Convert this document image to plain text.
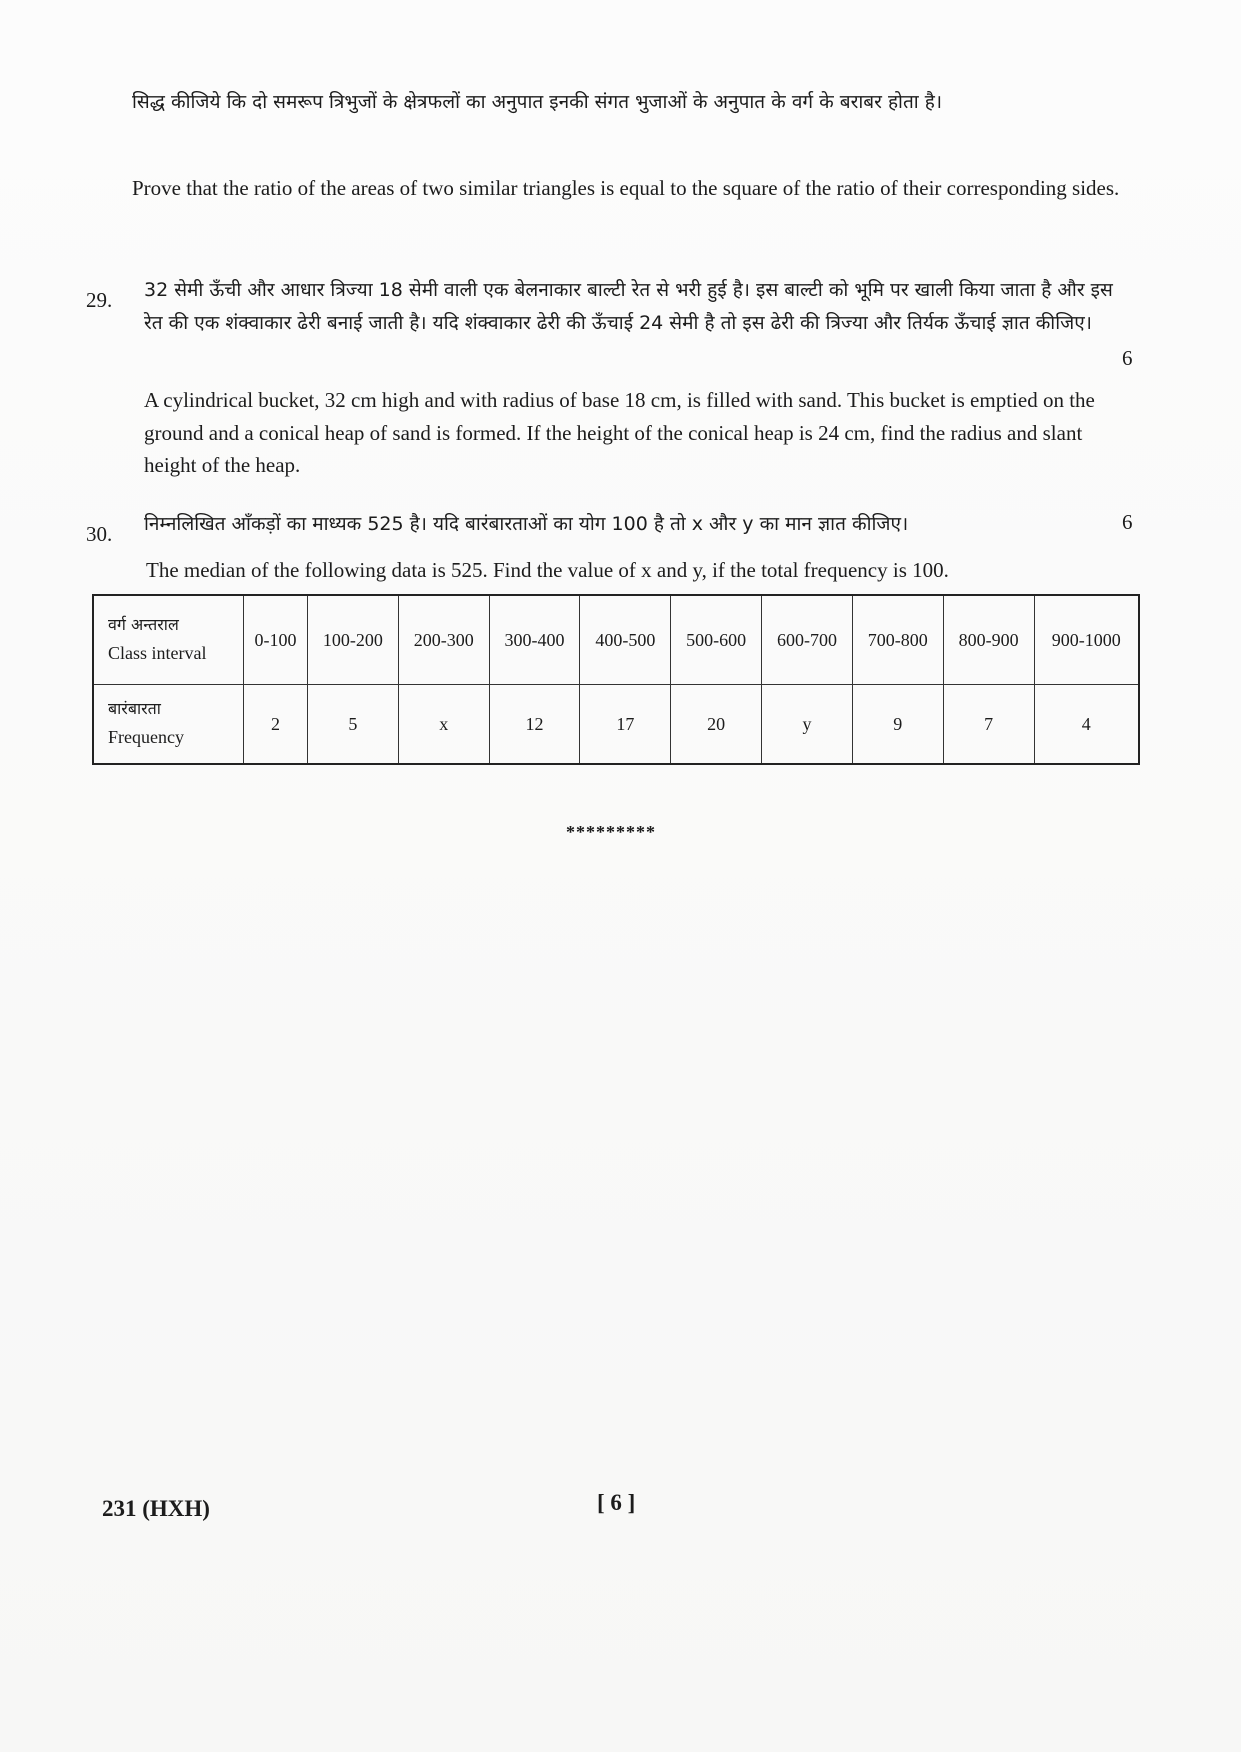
सिद्ध कीजिये कि दो समरूप त्रिभुजों के क्षेत्रफलों का अनुपात इनकी संगत भुजाओं के अनुपात के वर्ग के बराबर होता है।
Prove that the ratio of the areas of two similar triangles is equal to the square of the ratio of their corresponding sides.
29. 32 सेमी ऊँची और आधार त्रिज्या 18 सेमी वाली एक बेलनाकार बाल्टी रेत से भरी हुई है। इस बाल्टी को भूमि पर खाली किया जाता है और इस रेत की एक शंक्वाकार ढेरी बनाई जाती है। यदि शंक्वाकार ढेरी की ऊँचाई 24 सेमी है तो इस ढेरी की त्रिज्या और तिर्यक ऊँचाई ज्ञात कीजिए।
6
A cylindrical bucket, 32 cm high and with radius of base 18 cm, is filled with sand. This bucket is emptied on the ground and a conical heap of sand is formed. If the height of the conical heap is 24 cm, find the radius and slant height of the heap.
30. निम्नलिखित आँकड़ों का माध्यक 525 है। यदि बारंबारताओं का योग 100 है तो x और y का मान ज्ञात कीजिए।	6
The median of the following data is 525. Find the value of x and y, if the total frequency is 100.
वर्ग अन्तराल
Class interval	0-100	100-200	200-300	300-400	400-500	500-600	600-700	700-800	800-900	900-1000

बारंबारता
Frequency	2	5	x	12	17	20	y	9	7	4
*********
231 (HXH)	[ 6 ]
